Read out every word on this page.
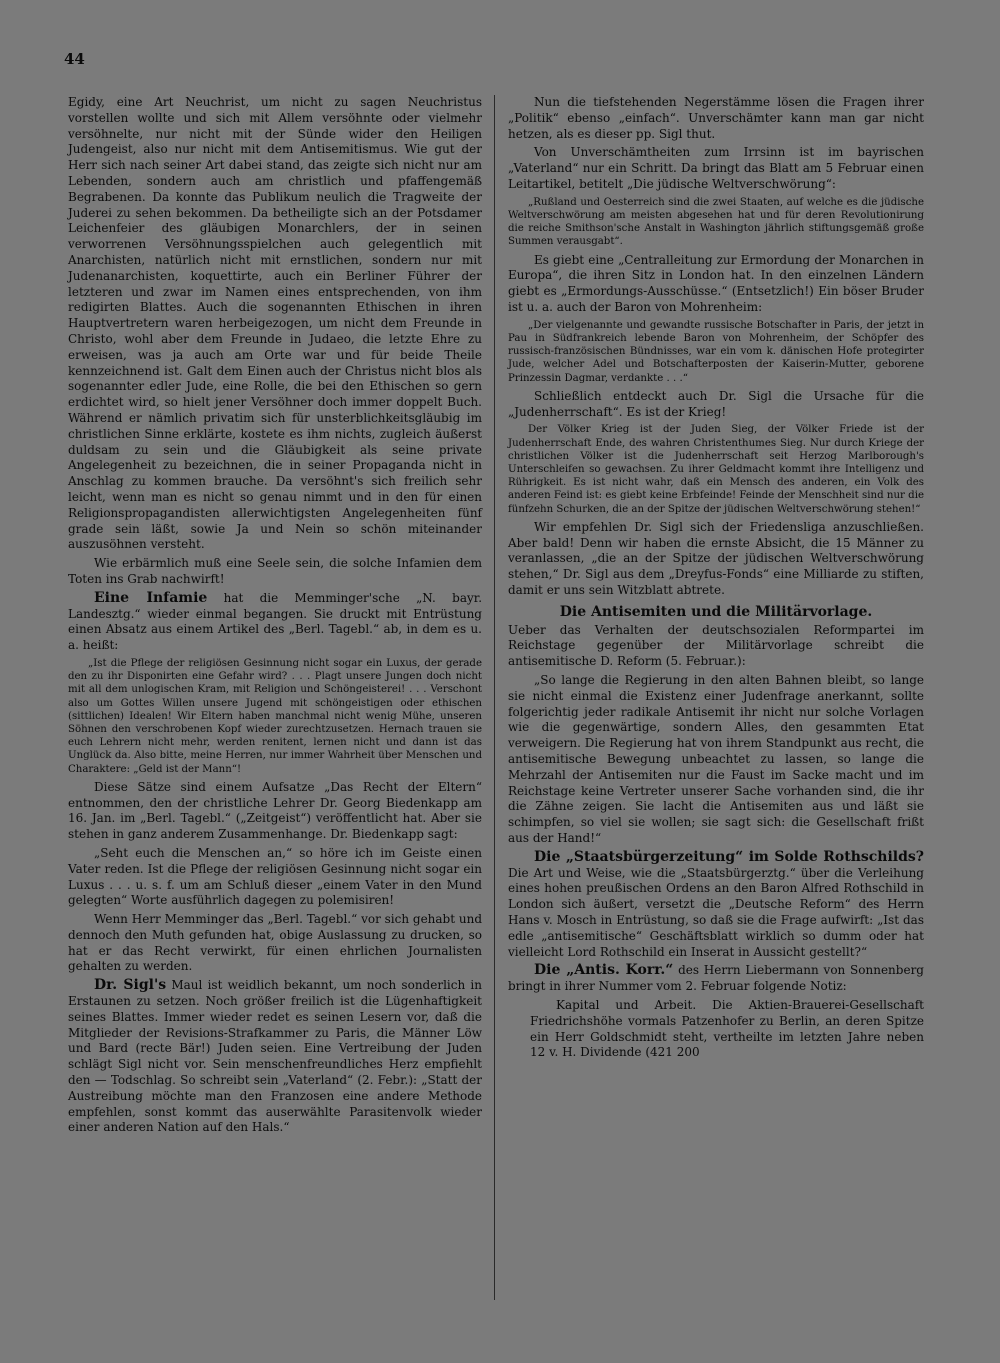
44

Egidy, eine Art Neuchrist, um nicht zu sagen Neuchristus vorstellen wollte und sich mit Allem versöhnte oder vielmehr versöhnelte, nur nicht mit der Sünde wider den Heiligen Judengeist, also nur nicht mit dem Antisemitismus. Wie gut der Herr sich nach seiner Art dabei stand, das zeigte sich nicht nur am Lebenden, sondern auch am christlich und pfaffengemäß Begrabenen. Da konnte das Publikum neulich die Tragweite der Juderei zu sehen bekommen. Da betheiligte sich an der Potsdamer Leichenfeier des gläubigen Monarchlers, der in seinen verworrenen Versöhnungsspielchen auch gelegentlich mit Anarchisten, natürlich nicht mit ernstlichen, sondern nur mit Judenanarchisten, koquettirte, auch ein Berliner Führer der letzteren und zwar im Namen eines entsprechenden, von ihm redigirten Blattes. Auch die sogenannten Ethischen in ihren Hauptvertretern waren herbeigezogen, um nicht dem Freunde in Christo, wohl aber dem Freunde in Judaeo, die letzte Ehre zu erweisen, was ja auch am Orte war und für beide Theile kennzeichnend ist. Galt dem Einen auch der Christus nicht blos als sogenannter edler Jude, eine Rolle, die bei den Ethischen so gern erdichtet wird, so hielt jener Versöhner doch immer doppelt Buch. Während er nämlich privatim sich für unsterblichkeitsgläubig im christlichen Sinne erklärte, kostete es ihm nichts, zugleich äußerst duldsam zu sein und die Gläubigkeit als seine private Angelegenheit zu bezeichnen, die in seiner Propaganda nicht in Anschlag zu kommen brauche. Da versöhnt's sich freilich sehr leicht, wenn man es nicht so genau nimmt und in den für einen Religionspropagandisten allerwichtigsten Angelegenheiten fünf grade sein läßt, sowie Ja und Nein so schön miteinander auszusöhnen versteht.

Wie erbärmlich muß eine Seele sein, die solche Infamien dem Toten ins Grab nachwirft!

Eine Infamie hat die Memminger'sche „N. bayr. Landesztg.“ wieder einmal begangen. Sie druckt mit Entrüstung einen Absatz aus einem Artikel des „Berl. Tagebl.“ ab, in dem es u. a. heißt:

„Ist die Pflege der religiösen Gesinnung nicht sogar ein Luxus, der gerade den zu ihr Disponirten eine Gefahr wird? . . . Plagt unsere Jungen doch nicht mit all dem unlogischen Kram, mit Religion und Schöngeisterei! . . . Verschont also um Gottes Willen unsere Jugend mit schöngeistigen oder ethischen (sittlichen) Idealen! Wir Eltern haben manchmal nicht wenig Mühe, unseren Söhnen den verschrobenen Kopf wieder zurechtzusetzen. Hernach trauen sie euch Lehrern nicht mehr, werden renitent, lernen nicht und dann ist das Unglück da. Also bitte, meine Herren, nur immer Wahrheit über Menschen und Charaktere: „Geld ist der Mann“!

Diese Sätze sind einem Aufsatze „Das Recht der Eltern“ entnommen, den der christliche Lehrer Dr. Georg Biedenkapp am 16. Jan. im „Berl. Tagebl.“ („Zeitgeist“) veröffentlicht hat. Aber sie stehen in ganz anderem Zusammenhange. Dr. Biedenkapp sagt:

„Seht euch die Menschen an,“ so höre ich im Geiste einen Vater reden. Ist die Pflege der religiösen Gesinnung nicht sogar ein Luxus . . . u. s. f. um am Schluß dieser „einem Vater in den Mund gelegten“ Worte ausführlich dagegen zu polemisiren!

Wenn Herr Memminger das „Berl. Tagebl.“ vor sich gehabt und dennoch den Muth gefunden hat, obige Auslassung zu drucken, so hat er das Recht verwirkt, für einen ehrlichen Journalisten gehalten zu werden.

Dr. Sigl's Maul ist weidlich bekannt, um noch sonderlich in Erstaunen zu setzen. Noch größer freilich ist die Lügenhaftigkeit seines Blattes. Immer wieder redet es seinen Lesern vor, daß die Mitglieder der Revisions-Strafkammer zu Paris, die Männer Löw und Bard (recte Bär!) Juden seien. Eine Vertreibung der Juden schlägt Sigl nicht vor. Sein menschenfreundliches Herz empfiehlt den — Todschlag. So schreibt sein „Vaterland“ (2. Febr.): „Statt der Austreibung möchte man den Franzosen eine andere Methode empfehlen, sonst kommt das auserwählte Parasitenvolk wieder einer anderen Nation auf den Hals.“

Nun die tiefstehenden Negerstämme lösen die Fragen ihrer „Politik“ ebenso „einfach“. Unverschämter kann man gar nicht hetzen, als es dieser pp. Sigl thut.

Von Unverschämtheiten zum Irrsinn ist im bayrischen „Vaterland“ nur ein Schritt. Da bringt das Blatt am 5 Februar einen Leitartikel, betitelt „Die jüdische Weltverschwörung“:

„Rußland und Oesterreich sind die zwei Staaten, auf welche es die jüdische Weltverschwörung am meisten abgesehen hat und für deren Revolutionirung die reiche Smithson'sche Anstalt in Washington jährlich stiftungsgemäß große Summen verausgabt“.

Es giebt eine „Centralleitung zur Ermordung der Monarchen in Europa“, die ihren Sitz in London hat. In den einzelnen Ländern giebt es „Ermordungs-Ausschüsse.“ (Entsetzlich!) Ein böser Bruder ist u. a. auch der Baron von Mohrenheim:

„Der vielgenannte und gewandte russische Botschafter in Paris, der jetzt in Pau in Südfrankreich lebende Baron von Mohrenheim, der Schöpfer des russisch-französischen Bündnisses, war ein vom k. dänischen Hofe protegirter Jude, welcher Adel und Botschafterposten der Kaiserin-Mutter, geborene Prinzessin Dagmar, verdankte . . .“

Schließlich entdeckt auch Dr. Sigl die Ursache für die „Judenherrschaft“. Es ist der Krieg!

Der Völker Krieg ist der Juden Sieg, der Völker Friede ist der Judenherrschaft Ende, des wahren Christenthumes Sieg. Nur durch Kriege der christlichen Völker ist die Judenherrschaft seit Herzog Marlborough's Unterschleifen so gewachsen. Zu ihrer Geldmacht kommt ihre Intelligenz und Rührigkeit. Es ist nicht wahr, daß ein Mensch des anderen, ein Volk des anderen Feind ist: es giebt keine Erbfeinde! Feinde der Menschheit sind nur die fünfzehn Schurken, die an der Spitze der jüdischen Weltverschwörung stehen!“

Wir empfehlen Dr. Sigl sich der Friedensliga anzuschließen. Aber bald! Denn wir haben die ernste Absicht, die 15 Männer zu veranlassen, „die an der Spitze der jüdischen Weltverschwörung stehen,“ Dr. Sigl aus dem „Dreyfus-Fonds“ eine Milliarde zu stiften, damit er uns sein Witzblatt abtrete.

Die Antisemiten und die Militärvorlage.

Ueber das Verhalten der deutschsozialen Reformpartei im Reichstage gegenüber der Militärvorlage schreibt die antisemitische D. Reform (5. Februar.):

„So lange die Regierung in den alten Bahnen bleibt, so lange sie nicht einmal die Existenz einer Judenfrage anerkannt, sollte folgerichtig jeder radikale Antisemit ihr nicht nur solche Vorlagen wie die gegenwärtige, sondern Alles, den gesammten Etat verweigern. Die Regierung hat von ihrem Standpunkt aus recht, die antisemitische Bewegung unbeachtet zu lassen, so lange die Mehrzahl der Antisemiten nur die Faust im Sacke macht und im Reichstage keine Vertreter unserer Sache vorhanden sind, die ihr die Zähne zeigen. Sie lacht die Antisemiten aus und läßt sie schimpfen, so viel sie wollen; sie sagt sich: die Gesellschaft frißt aus der Hand!“

Die „Staatsbürgerzeitung“ im Solde Rothschilds? Die Art und Weise, wie die „Staatsbürgerztg.“ über die Verleihung eines hohen preußischen Ordens an den Baron Alfred Rothschild in London sich äußert, versetzt die „Deutsche Reform“ des Herrn Hans v. Mosch in Entrüstung, so daß sie die Frage aufwirft: „Ist das edle „antisemitische“ Geschäftsblatt wirklich so dumm oder hat vielleicht Lord Rothschild ein Inserat in Aussicht gestellt?“

Die „Antis. Korr.“ des Herrn Liebermann von Sonnenberg bringt in ihrer Nummer vom 2. Februar folgende Notiz:

Kapital und Arbeit. Die Aktien-Brauerei-Gesellschaft Friedrichshöhe vormals Patzenhofer zu Berlin, an deren Spitze ein Herr Goldschmidt steht, vertheilte im letzten Jahre neben 12 v. H. Dividende (421 200
